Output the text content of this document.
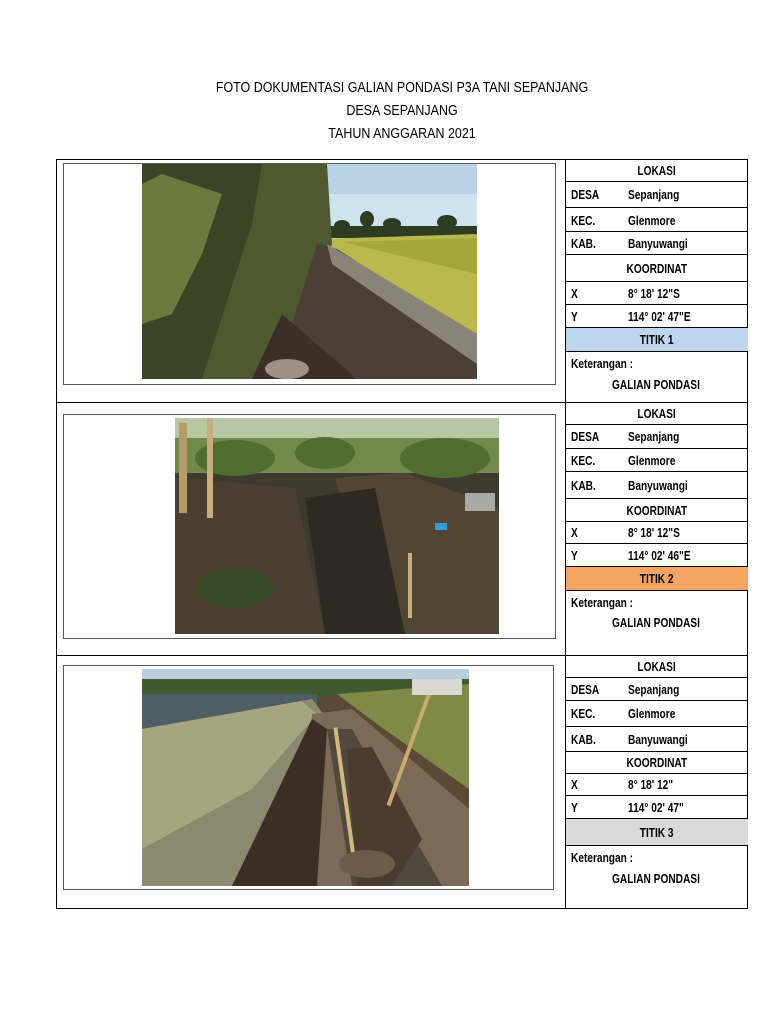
FOTO DOKUMENTASI GALIAN PONDASI P3A TANI SEPANJANG
DESA SEPANJANG
TAHUN ANGGARAN 2021
LOKASI
DESA Sepanjang
KEC.	Glenmore
KAB. Banyuwangi
KOORDINAT
X	8° 18' 12"S
Y	114° 02' 47"E
TITIK 1
Keterangan :
GALIAN PONDASI
LOKASI
DESA Sepanjang
KEC.	Glenmore
KAB. Banyuwangi
KOORDINAT
X	8° 18' 12"S
Y	114° 02' 46"E
TITIK 2
Keterangan :
GALIAN PONDASI
LOKASI
DESA Sepanjang
KEC.	Glenmore
KAB. Banyuwangi
KOORDINAT
X	8° 18' 12"
Y	114° 02' 47"
TITIK 3
Keterangan :
GALIAN PONDASI
